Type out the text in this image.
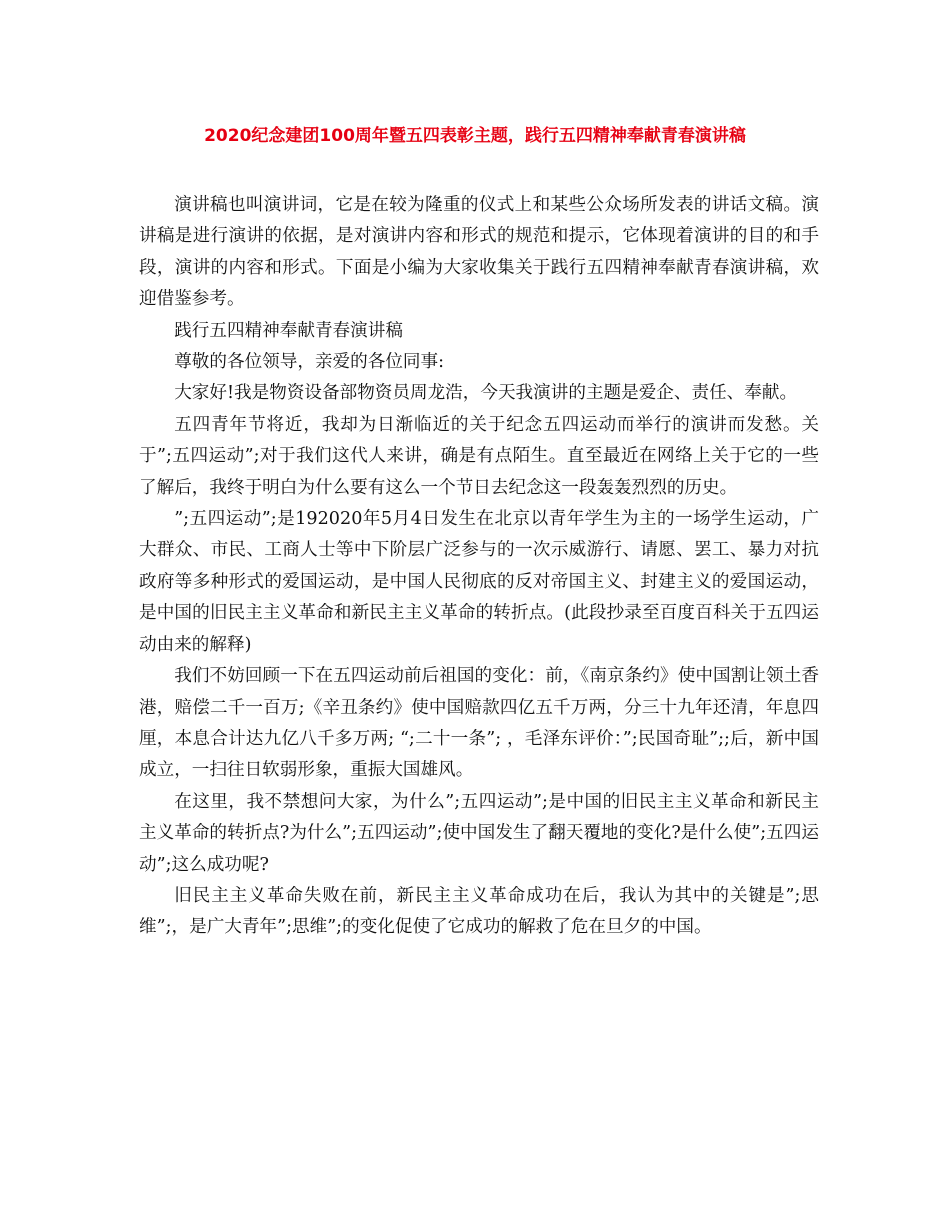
2020纪念建团100周年暨五四表彰主题，践行五四精神奉献青春演讲稿

演讲稿也叫演讲词，它是在较为隆重的仪式上和某些公众场所发表的讲话文稿。演讲稿是进行演讲的依据，是对演讲内容和形式的规范和提示，它体现着演讲的目的和手段，演讲的内容和形式。下面是小编为大家收集关于践行五四精神奉献青春演讲稿，欢迎借鉴参考。

践行五四精神奉献青春演讲稿

尊敬的各位领导，亲爱的各位同事:

大家好!我是物资设备部物资员周龙浩，今天我演讲的主题是爱企、责任、奉献。

五四青年节将近，我却为日渐临近的关于纪念五四运动而举行的演讲而发愁。关于”;五四运动”;对于我们这代人来讲，确是有点陌生。直至最近在网络上关于它的一些了解后，我终于明白为什么要有这么一个节日去纪念这一段轰轰烈烈的历史。

”;五四运动”;是192020年5月4日发生在北京以青年学生为主的一场学生运动，广大群众、市民、工商人士等中下阶层广泛参与的一次示威游行、请愿、罢工、暴力对抗政府等多种形式的爱国运动，是中国人民彻底的反对帝国主义、封建主义的爱国运动，是中国的旧民主主义革命和新民主主义革命的转折点。(此段抄录至百度百科关于五四运动由来的解释)

我们不妨回顾一下在五四运动前后祖国的变化：前，《南京条约》使中国割让领土香港，赔偿二千一百万;《辛丑条约》使中国赔款四亿五千万两，分三十九年还清，年息四厘，本息合计达九亿八千多万两; “;二十一条”; ，毛泽东评价：”;民国奇耻”;;后，新中国成立，一扫往日软弱形象，重振大国雄风。

在这里，我不禁想问大家，为什么”;五四运动”;是中国的旧民主主义革命和新民主主义革命的转折点?为什么”;五四运动”;使中国发生了翻天覆地的变化?是什么使”;五四运动”;这么成功呢?

旧民主主义革命失败在前，新民主主义革命成功在后，我认为其中的关键是”;思维”;，是广大青年”;思维”;的变化促使了它成功的解救了危在旦夕的中国。
